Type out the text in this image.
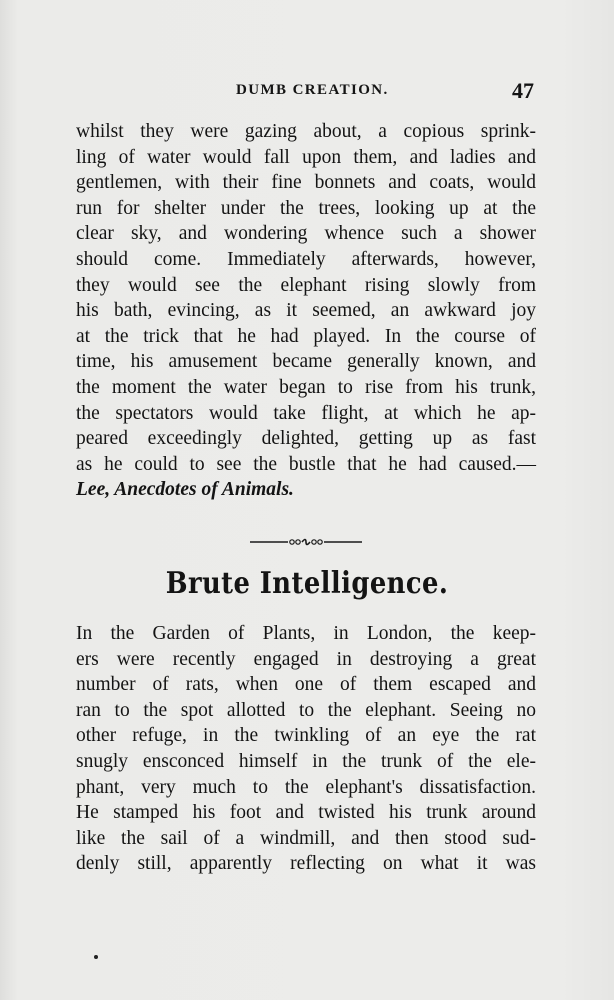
DUMB CREATION.	47
whilst they were gazing about, a copious sprink-
ling of water would fall upon them, and ladies and
gentlemen, with their fine bonnets and coats, would
run for shelter under the trees, looking up at the
clear sky, and wondering whence such a shower
should come. Immediately afterwards, however,
they would see the elephant rising slowly from
his bath, evincing, as it seemed, an awkward joy
at the trick that he had played. In the course of
time, his amusement became generally known, and
the moment the water began to rise from his trunk,
the spectators would take flight, at which he ap-
peared exceedingly delighted, getting up as fast
as he could to see the bustle that he had caused.—
Lee, Anecdotes of Animals.
Brute Intelligence.
In the Garden of Plants, in London, the keep-
ers were recently engaged in destroying a great
number of rats, when one of them escaped and
ran to the spot allotted to the elephant. Seeing no
other refuge, in the twinkling of an eye the rat
snugly ensconced himself in the trunk of the ele-
phant, very much to the elephant's dissatisfaction.
He stamped his foot and twisted his trunk around
like the sail of a windmill, and then stood sud-
denly still, apparently reflecting on what it was
